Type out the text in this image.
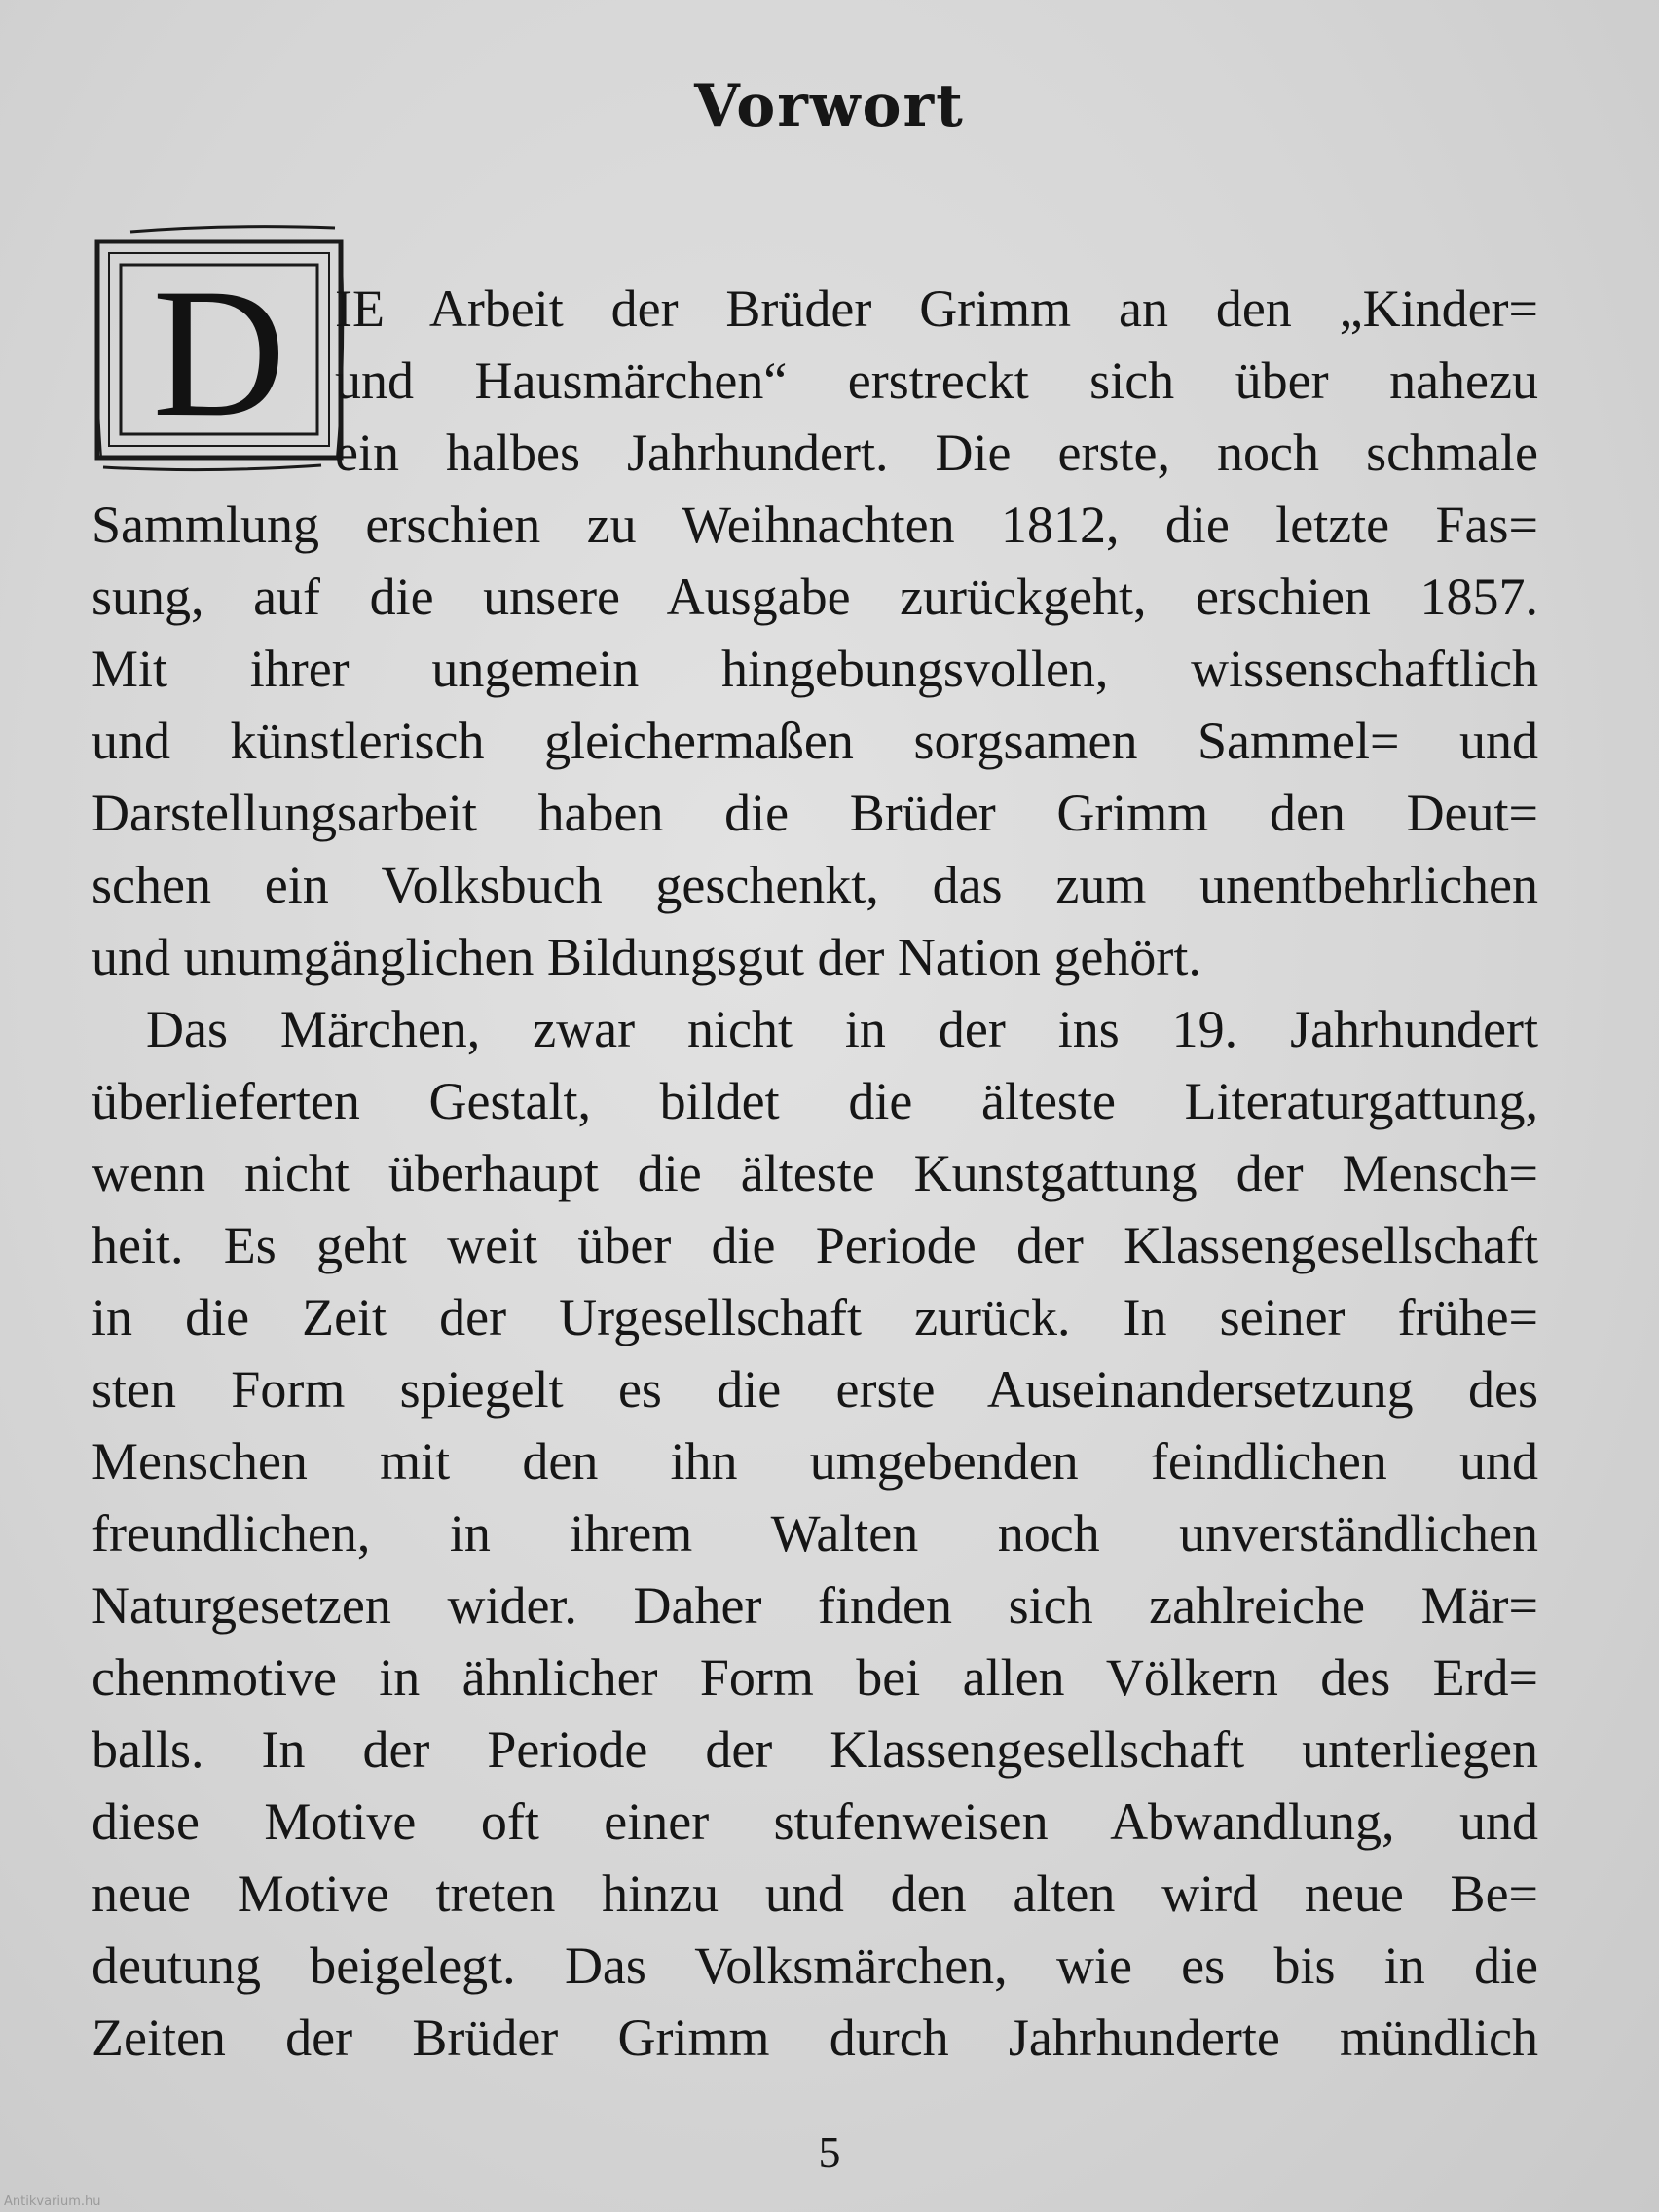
Vorwort
D IE Arbeit der Brüder Grimm an den „Kinder=
und Hausmärchen“ erstreckt sich über nahezu
ein halbes Jahrhundert. Die erste, noch schmale
Sammlung erschien zu Weihnachten 1812, die letzte Fas=
sung, auf die unsere Ausgabe zurückgeht, erschien 1857.
Mit ihrer ungemein hingebungsvollen, wissenschaftlich
und künstlerisch gleichermaßen sorgsamen Sammel= und
Darstellungsarbeit haben die Brüder Grimm den Deut=
schen ein Volksbuch geschenkt, das zum unentbehrlichen
und unumgänglichen Bildungsgut der Nation gehört.
Das Märchen, zwar nicht in der ins 19. Jahrhundert
überlieferten Gestalt, bildet die älteste Literaturgattung,
wenn nicht überhaupt die älteste Kunstgattung der Mensch=
heit. Es geht weit über die Periode der Klassengesellschaft
in die Zeit der Urgesellschaft zurück. In seiner frühe=
sten Form spiegelt es die erste Auseinandersetzung des
Menschen mit den ihn umgebenden feindlichen und
freundlichen, in ihrem Walten noch unverständlichen
Naturgesetzen wider. Daher finden sich zahlreiche Mär=
chenmotive in ähnlicher Form bei allen Völkern des Erd=
balls. In der Periode der Klassengesellschaft unterliegen
diese Motive oft einer stufenweisen Abwandlung, und
neue Motive treten hinzu und den alten wird neue Be=
deutung beigelegt. Das Volksmärchen, wie es bis in die
Zeiten der Brüder Grimm durch Jahrhunderte mündlich
5
Antikvarium.hu
